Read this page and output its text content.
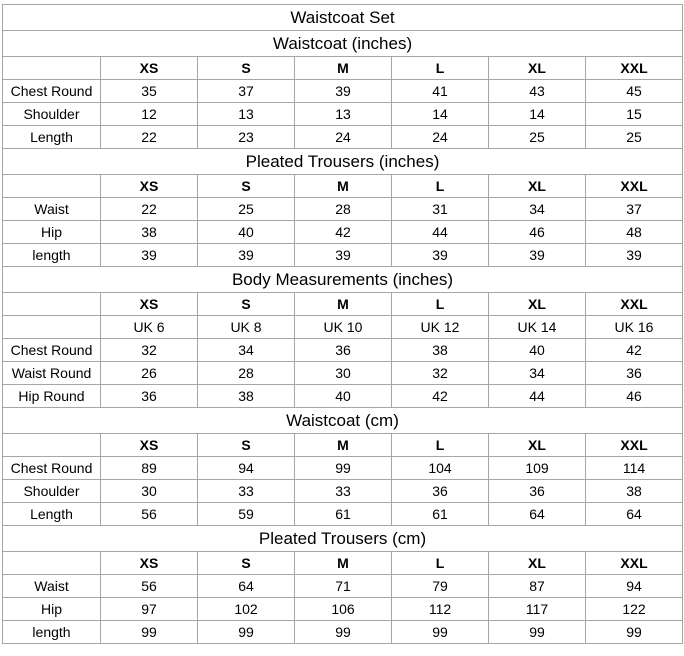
Waistcoat Set						
Waistcoat (inches)						
	XS	S	M	L	XL	XXL
Chest Round	35	37	39	41	43	45
Shoulder	12	13	13	14	14	15
Length	22	23	24	24	25	25
Pleated Trousers (inches)						
	XS	S	M	L	XL	XXL
Waist	22	25	28	31	34	37
Hip	38	40	42	44	46	48
length	39	39	39	39	39	39
Body Measurements (inches)						
	XS	S	M	L	XL	XXL
	UK 6	UK 8	UK 10	UK 12	UK 14	UK 16
Chest Round	32	34	36	38	40	42
Waist Round	26	28	30	32	34	36
Hip Round	36	38	40	42	44	46
Waistcoat (cm)						
	XS	S	M	L	XL	XXL
Chest Round	89	94	99	104	109	114
Shoulder	30	33	33	36	36	38
Length	56	59	61	61	64	64
Pleated Trousers (cm)						
	XS	S	M	L	XL	XXL
Waist	56	64	71	79	87	94
Hip	97	102	106	112	117	122
length	99	99	99	99	99	99
